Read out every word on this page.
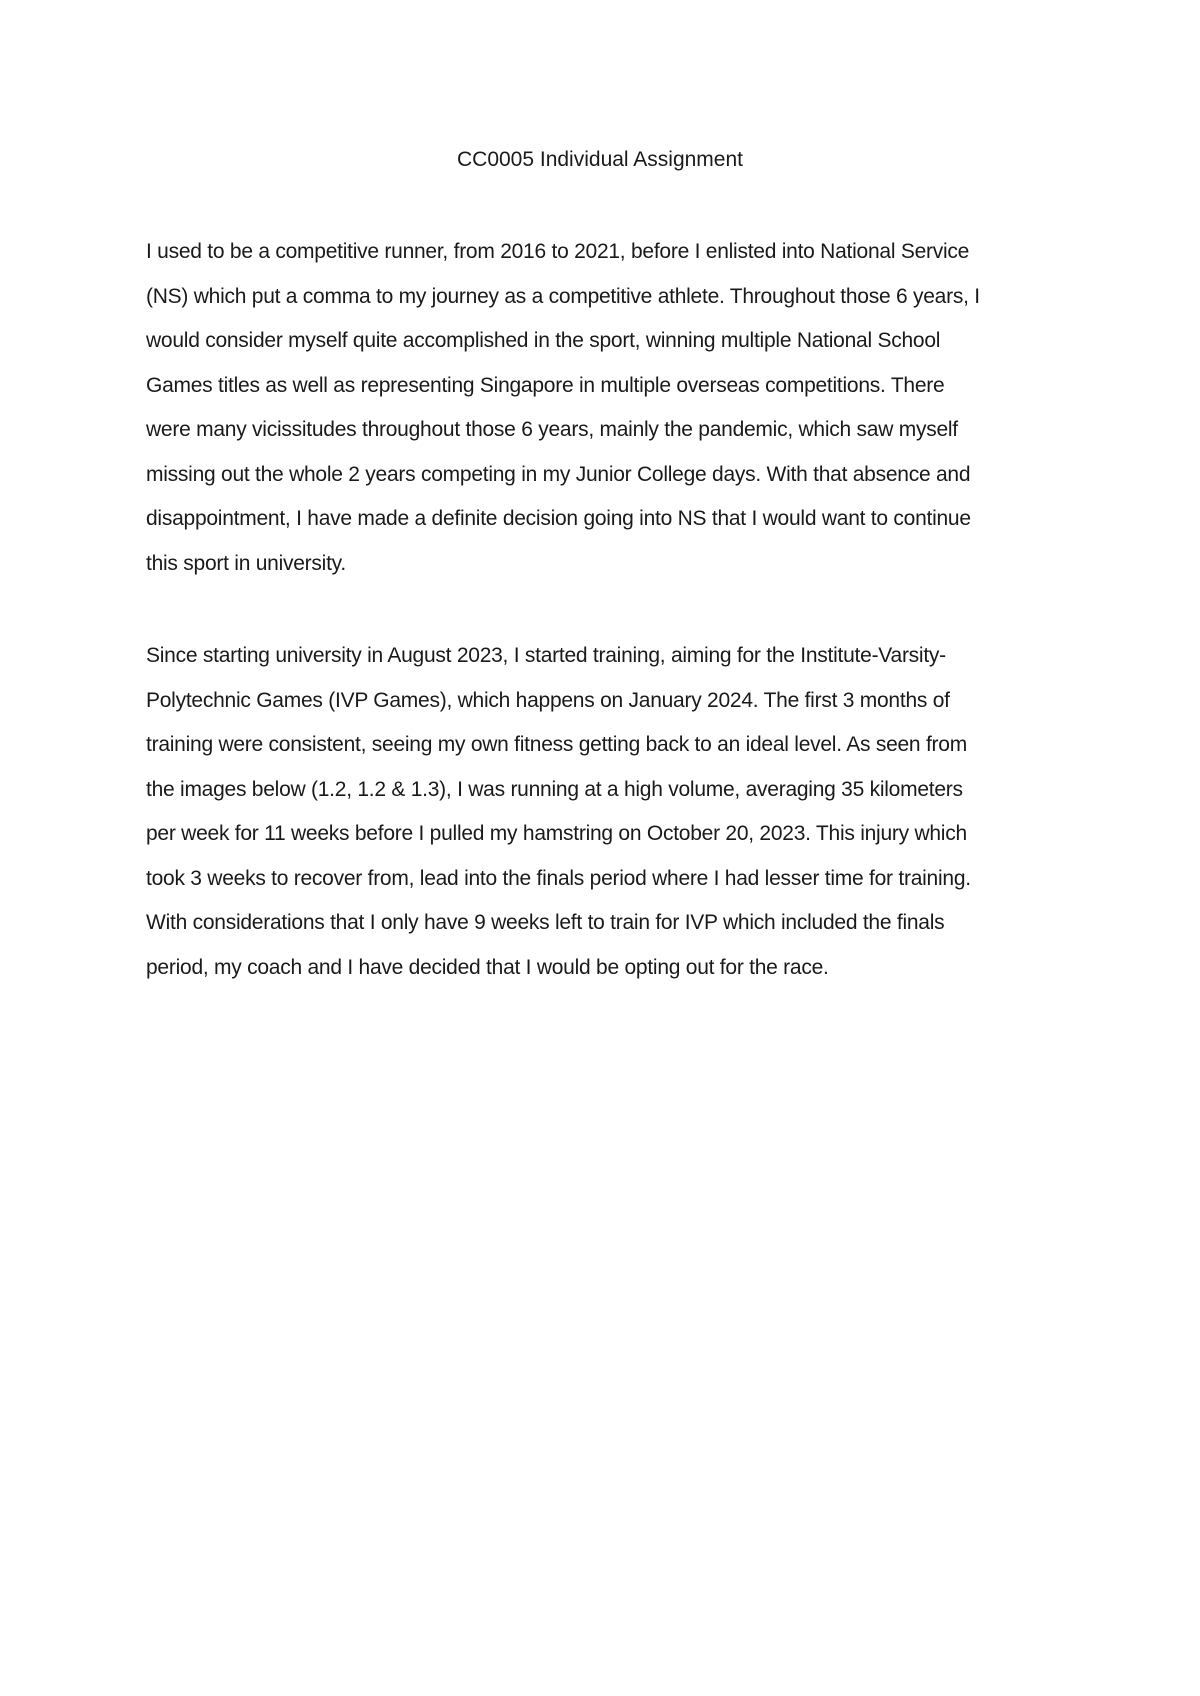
CC0005 Individual Assignment

I used to be a competitive runner, from 2016 to 2021, before I enlisted into National Service
(NS) which put a comma to my journey as a competitive athlete. Throughout those 6 years, I
would consider myself quite accomplished in the sport, winning multiple National School
Games titles as well as representing Singapore in multiple overseas competitions. There
were many vicissitudes throughout those 6 years, mainly the pandemic, which saw myself
missing out the whole 2 years competing in my Junior College days. With that absence and
disappointment, I have made a definite decision going into NS that I would want to continue
this sport in university.

Since starting university in August 2023, I started training, aiming for the Institute-Varsity-
Polytechnic Games (IVP Games), which happens on January 2024. The first 3 months of
training were consistent, seeing my own fitness getting back to an ideal level. As seen from
the images below (1.2, 1.2 & 1.3), I was running at a high volume, averaging 35 kilometers
per week for 11 weeks before I pulled my hamstring on October 20, 2023. This injury which
took 3 weeks to recover from, lead into the finals period where I had lesser time for training.
With considerations that I only have 9 weeks left to train for IVP which included the finals
period, my coach and I have decided that I would be opting out for the race.
